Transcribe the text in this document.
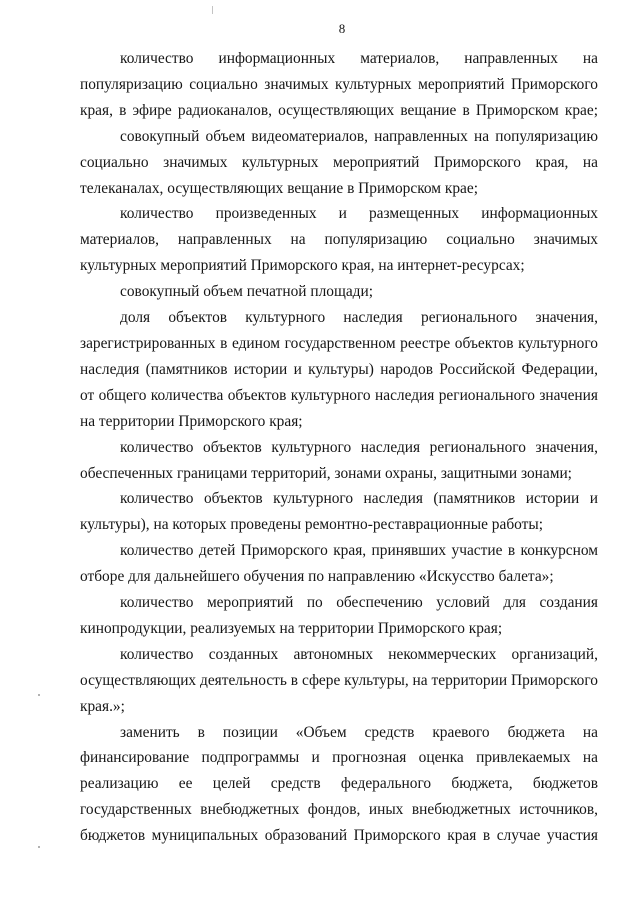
8

количество информационных материалов, направленных на популяризацию социально значимых культурных мероприятий Приморского края, в эфире радиоканалов, осуществляющих вещание в Приморском крае;

совокупный объем видеоматериалов, направленных на популяризацию социально значимых культурных мероприятий Приморского края, на телеканалах, осуществляющих вещание в Приморском крае;

количество произведенных и размещенных информационных материалов, направленных на популяризацию социально значимых культурных мероприятий Приморского края, на интернет-ресурсах;

совокупный объем печатной площади;

доля объектов культурного наследия регионального значения, зарегистрированных в едином государственном реестре объектов культурного наследия (памятников истории и культуры) народов Российской Федерации, от общего количества объектов культурного наследия регионального значения на территории Приморского края;

количество объектов культурного наследия регионального значения, обеспеченных границами территорий, зонами охраны, защитными зонами;

количество объектов культурного наследия (памятников истории и культуры), на которых проведены ремонтно-реставрационные работы;

количество детей Приморского края, принявших участие в конкурсном отборе для дальнейшего обучения по направлению «Искусство балета»;

количество мероприятий по обеспечению условий для создания кинопродукции, реализуемых на территории Приморского края;

количество созданных автономных некоммерческих организаций, осуществляющих деятельность в сфере культуры, на территории Приморского края.»;

заменить в позиции «Объем средств краевого бюджета на финансирование подпрограммы и прогнозная оценка привлекаемых на реализацию ее целей средств федерального бюджета, бюджетов государственных внебюджетных фондов, иных внебюджетных источников, бюджетов муниципальных образований Приморского края в случае участия
